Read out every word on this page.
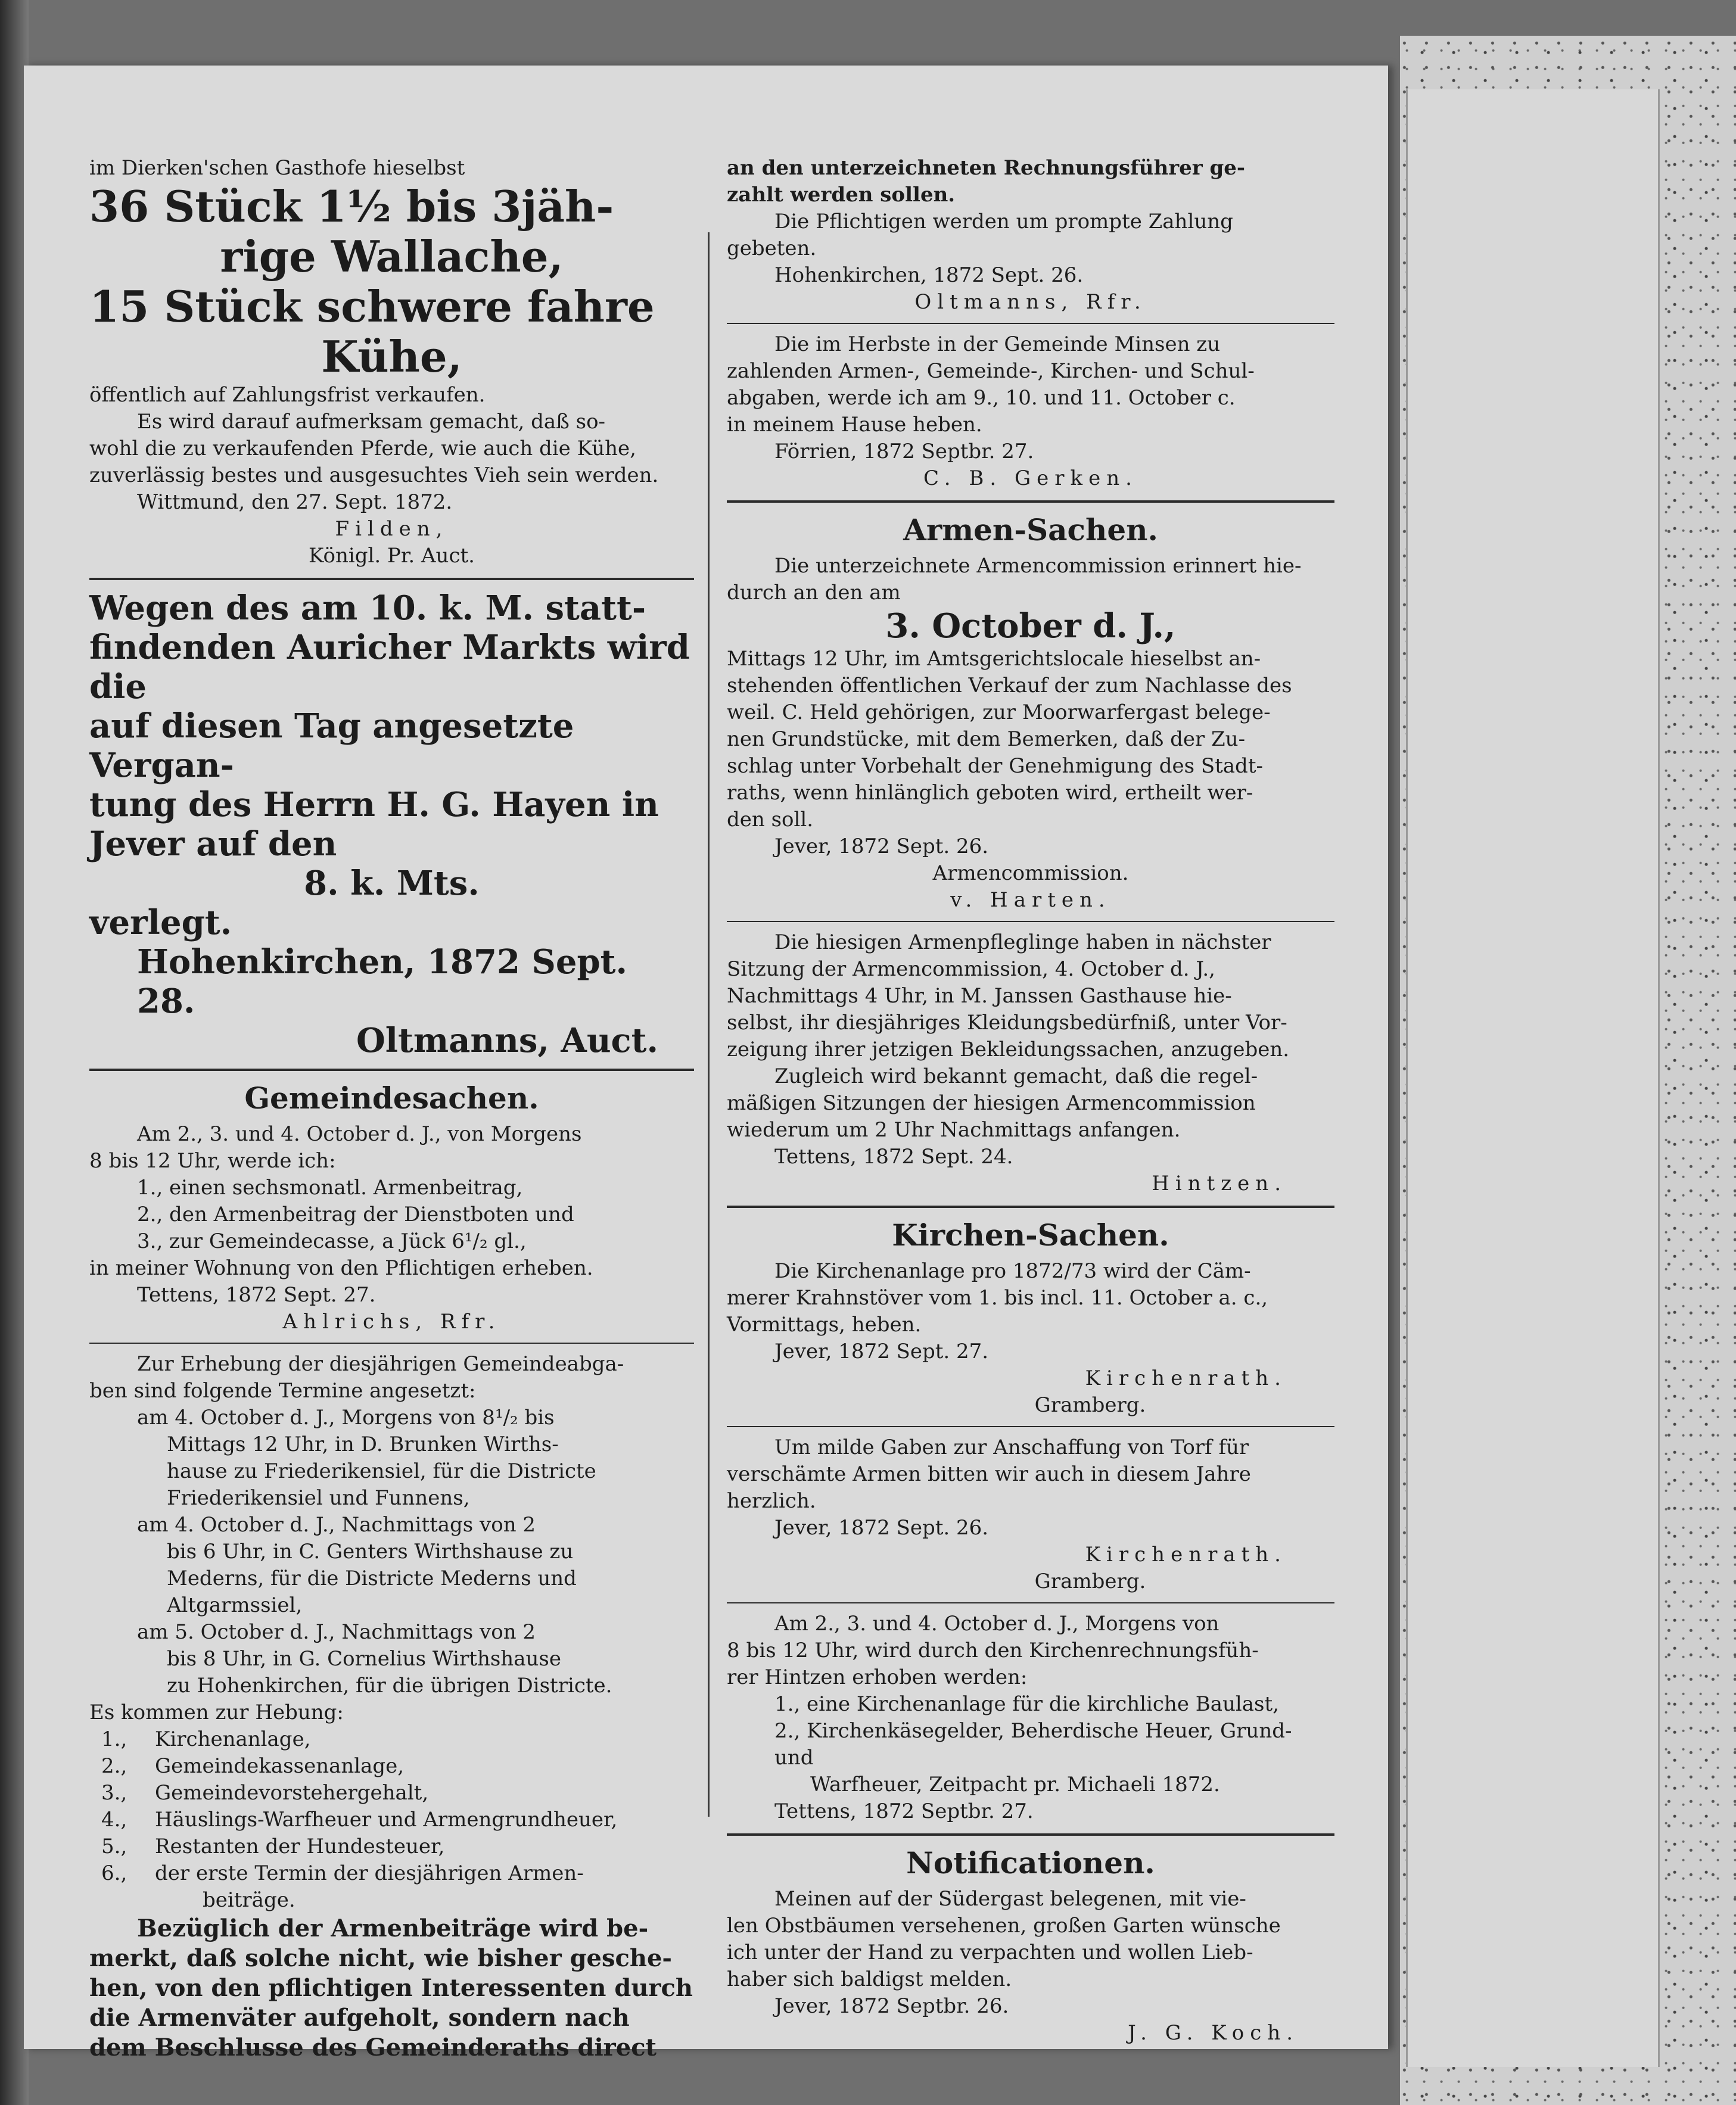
im Dierken'schen Gasthofe hieselbst

36 Stück 1½ bis 3jäh-

rige Wallache,

15 Stück schwere fahre

Kühe,

öffentlich auf Zahlungsfrist verkaufen.

Es wird darauf aufmerksam gemacht, daß so-

wohl die zu verkaufenden Pferde, wie auch die Kühe,

zuverlässig bestes und ausgesuchtes Vieh sein werden.

Wittmund, den 27. Sept. 1872.

Filden,

Königl. Pr. Auct.

Wegen des am 10. k. M. statt-

findenden Auricher Markts wird die

auf diesen Tag angesetzte Vergan-

tung des Herrn H. G. Hayen in

Jever auf den

8. k. Mts.

verlegt.

Hohenkirchen, 1872 Sept. 28.

Oltmanns, Auct.

Gemeindesachen.

Am 2., 3. und 4. October d. J., von Morgens

8 bis 12 Uhr, werde ich:

1., einen sechsmonatl. Armenbeitrag,

2., den Armenbeitrag der Dienstboten und

3., zur Gemeindecasse, a Jück 6¹/₂ gl.,

in meiner Wohnung von den Pflichtigen erheben.

Tettens, 1872 Sept. 27.

Ahlrichs, Rfr.

Zur Erhebung der diesjährigen Gemeindeabga-

ben sind folgende Termine angesetzt:

am 4. October d. J., Morgens von 8¹/₂ bis

Mittags 12 Uhr, in D. Brunken Wirths-

hause zu Friederikensiel, für die Districte

Friederikensiel und Funnens,

am 4. October d. J., Nachmittags von 2

bis 6 Uhr, in C. Genters Wirthshause zu

Mederns, für die Districte Mederns und

Altgarmssiel,

am 5. October d. J., Nachmittags von 2

bis 8 Uhr, in G. Cornelius Wirthshause

zu Hohenkirchen, für die übrigen Districte.

Es kommen zur Hebung:

1., Kirchenanlage,

2., Gemeindekassenanlage,

3., Gemeindevorstehergehalt,

4., Häuslings-Warfheuer und Armengrundheuer,

5., Restanten der Hundesteuer,

6., der erste Termin der diesjährigen Armen-

beiträge.

Bezüglich der Armenbeiträge wird be-

merkt, daß solche nicht, wie bisher gesche-

hen, von den pflichtigen Interessenten durch

die Armenväter aufgeholt, sondern nach

dem Beschlusse des Gemeinderaths direct

an den unterzeichneten Rechnungsführer ge-

zahlt werden sollen.

Die Pflichtigen werden um prompte Zahlung

gebeten.

Hohenkirchen, 1872 Sept. 26.

Oltmanns, Rfr.

Die im Herbste in der Gemeinde Minsen zu

zahlenden Armen-, Gemeinde-, Kirchen- und Schul-

abgaben, werde ich am 9., 10. und 11. October c.

in meinem Hause heben.

Förrien, 1872 Septbr. 27.

C. B. Gerken.

Armen-Sachen.

Die unterzeichnete Armencommission erinnert hie-

durch an den am

3. October d. J.,

Mittags 12 Uhr, im Amtsgerichtslocale hieselbst an-

stehenden öffentlichen Verkauf der zum Nachlasse des

weil. C. Held gehörigen, zur Moorwarfergast belege-

nen Grundstücke, mit dem Bemerken, daß der Zu-

schlag unter Vorbehalt der Genehmigung des Stadt-

raths, wenn hinlänglich geboten wird, ertheilt wer-

den soll.

Jever, 1872 Sept. 26.

Armencommission.

v. Harten.

Die hiesigen Armenpfleglinge haben in nächster

Sitzung der Armencommission, 4. October d. J.,

Nachmittags 4 Uhr, in M. Janssen Gasthause hie-

selbst, ihr diesjähriges Kleidungsbedürfniß, unter Vor-

zeigung ihrer jetzigen Bekleidungssachen, anzugeben.

Zugleich wird bekannt gemacht, daß die regel-

mäßigen Sitzungen der hiesigen Armencommission

wiederum um 2 Uhr Nachmittags anfangen.

Tettens, 1872 Sept. 24.

Hintzen.

Kirchen-Sachen.

Die Kirchenanlage pro 1872/73 wird der Cäm-

merer Krahnstöver vom 1. bis incl. 11. October a. c.,

Vormittags, heben.

Jever, 1872 Sept. 27.

Kirchenrath.

Gramberg.

Um milde Gaben zur Anschaffung von Torf für

verschämte Armen bitten wir auch in diesem Jahre

herzlich.

Jever, 1872 Sept. 26.

Kirchenrath.

Gramberg.

Am 2., 3. und 4. October d. J., Morgens von

8 bis 12 Uhr, wird durch den Kirchenrechnungsfüh-

rer Hintzen erhoben werden:

1., eine Kirchenanlage für die kirchliche Baulast,

2., Kirchenkäsegelder, Beherdische Heuer, Grund- und

Warfheuer, Zeitpacht pr. Michaeli 1872.

Tettens, 1872 Septbr. 27.

Notificationen.

Meinen auf der Südergast belegenen, mit vie-

len Obstbäumen versehenen, großen Garten wünsche

ich unter der Hand zu verpachten und wollen Lieb-

haber sich baldigst melden.

Jever, 1872 Septbr. 26.

J. G. Koch.
